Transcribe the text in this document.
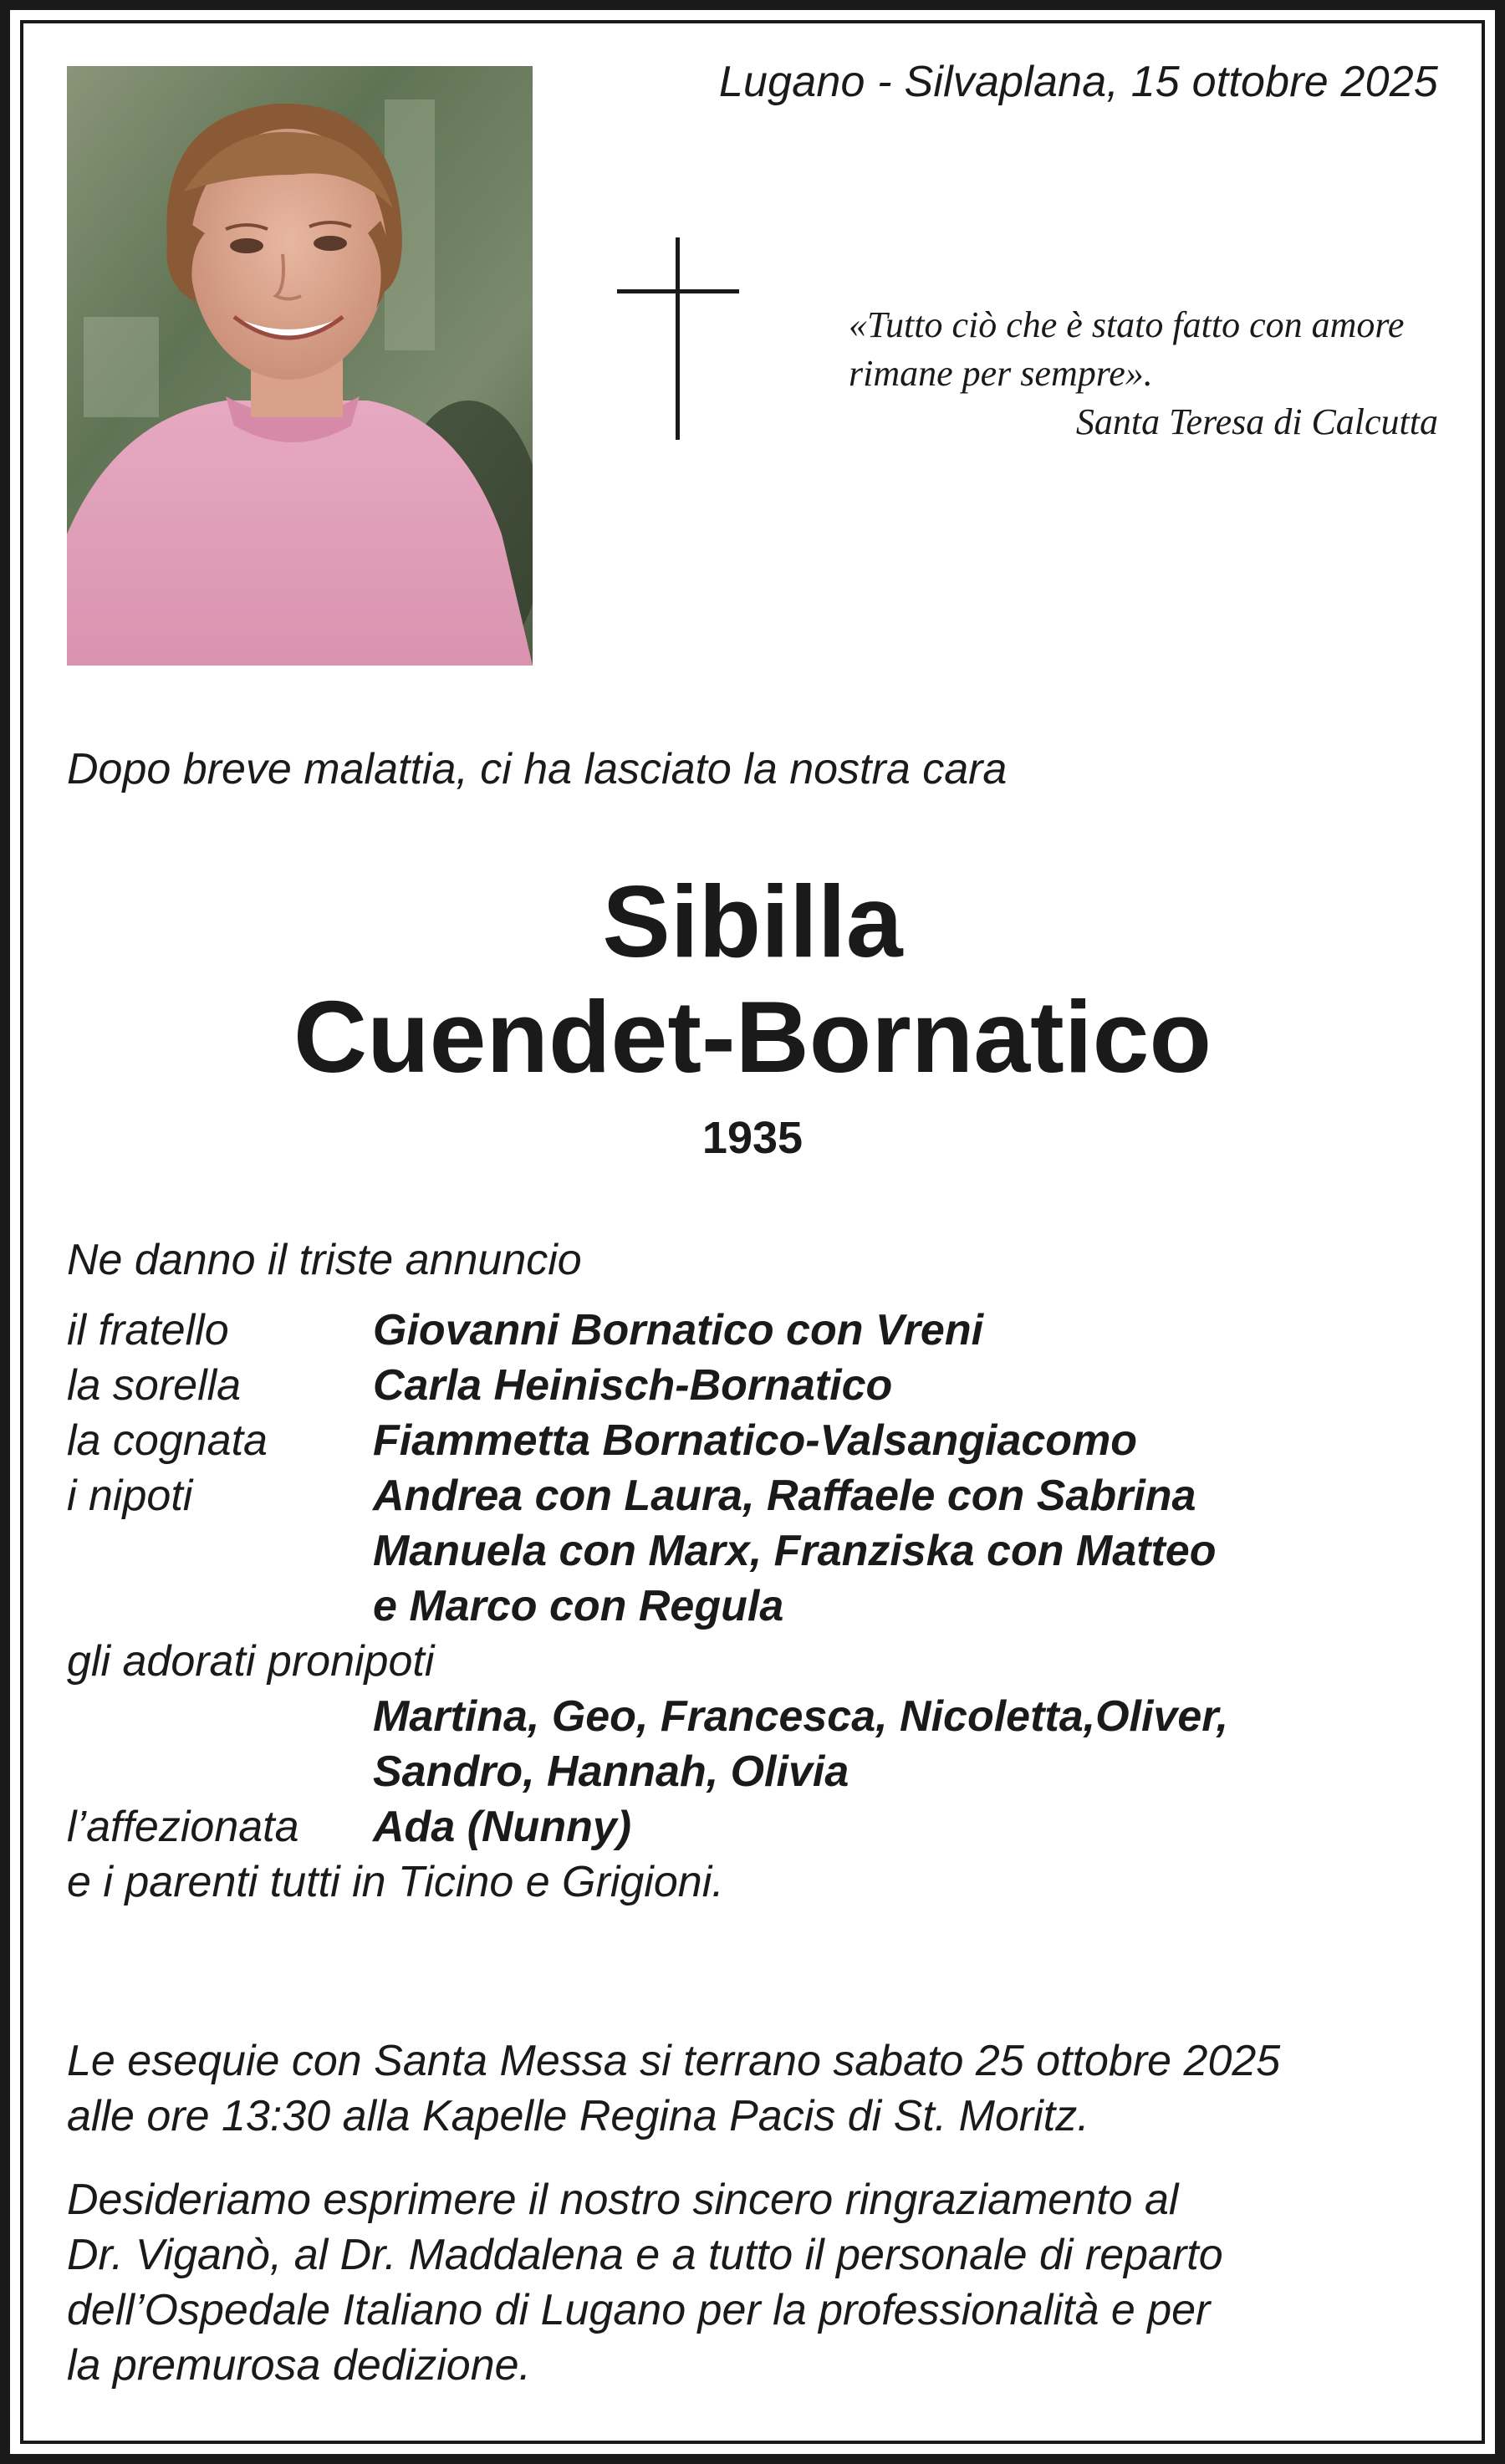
Lugano - Silvaplana, 15 ottobre 2025
«Tutto ciò che è stato fatto con amore
rimane per sempre».
Santa Teresa di Calcutta
Dopo breve malattia, ci ha lasciato la nostra cara
Sibilla
Cuendet-Bornatico
1935
Ne danno il triste annuncio
il fratello	Giovanni Bornatico con Vreni
la sorella	Carla Heinisch-Bornatico
la cognata	Fiammetta Bornatico-Valsangiacomo
i nipoti	Andrea con Laura, Raffaele con Sabrina
Manuela con Marx, Franziska con Matteo
e Marco con Regula
gli adorati pronipoti
Martina, Geo, Francesca, Nicoletta,Oliver,
Sandro, Hannah, Olivia
l’affezionata	Ada (Nunny)
e i parenti tutti in Ticino e Grigioni.
Le esequie con Santa Messa si terrano sabato 25 ottobre 2025
alle ore 13:30 alla Kapelle Regina Pacis di St. Moritz.
Desideriamo esprimere il nostro sincero ringraziamento al
Dr. Viganò, al Dr. Maddalena e a tutto il personale di reparto
dell’Ospedale Italiano di Lugano per la professionalità e per
la premurosa dedizione.
